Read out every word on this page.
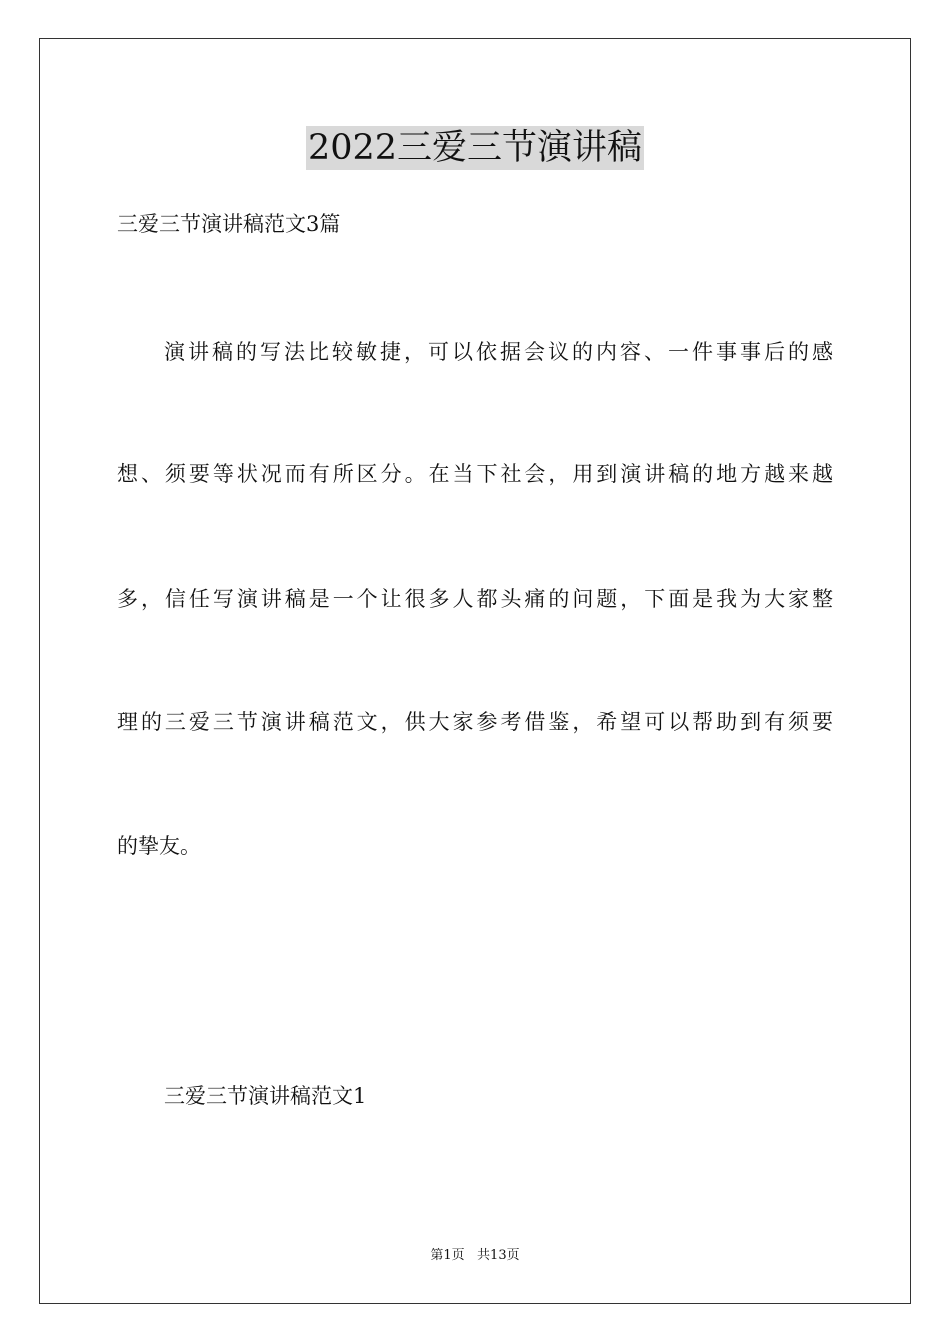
2022三爱三节演讲稿
三爱三节演讲稿范文3篇
演讲稿的写法比较敏捷，可以依据会议的内容、一件事事后的感
想、须要等状况而有所区分。在当下社会，用到演讲稿的地方越来越
多，信任写演讲稿是一个让很多人都头痛的问题，下面是我为大家整
理的三爱三节演讲稿范文，供大家参考借鉴，希望可以帮助到有须要
的挚友。
三爱三节演讲稿范文1
第1页   共13页
